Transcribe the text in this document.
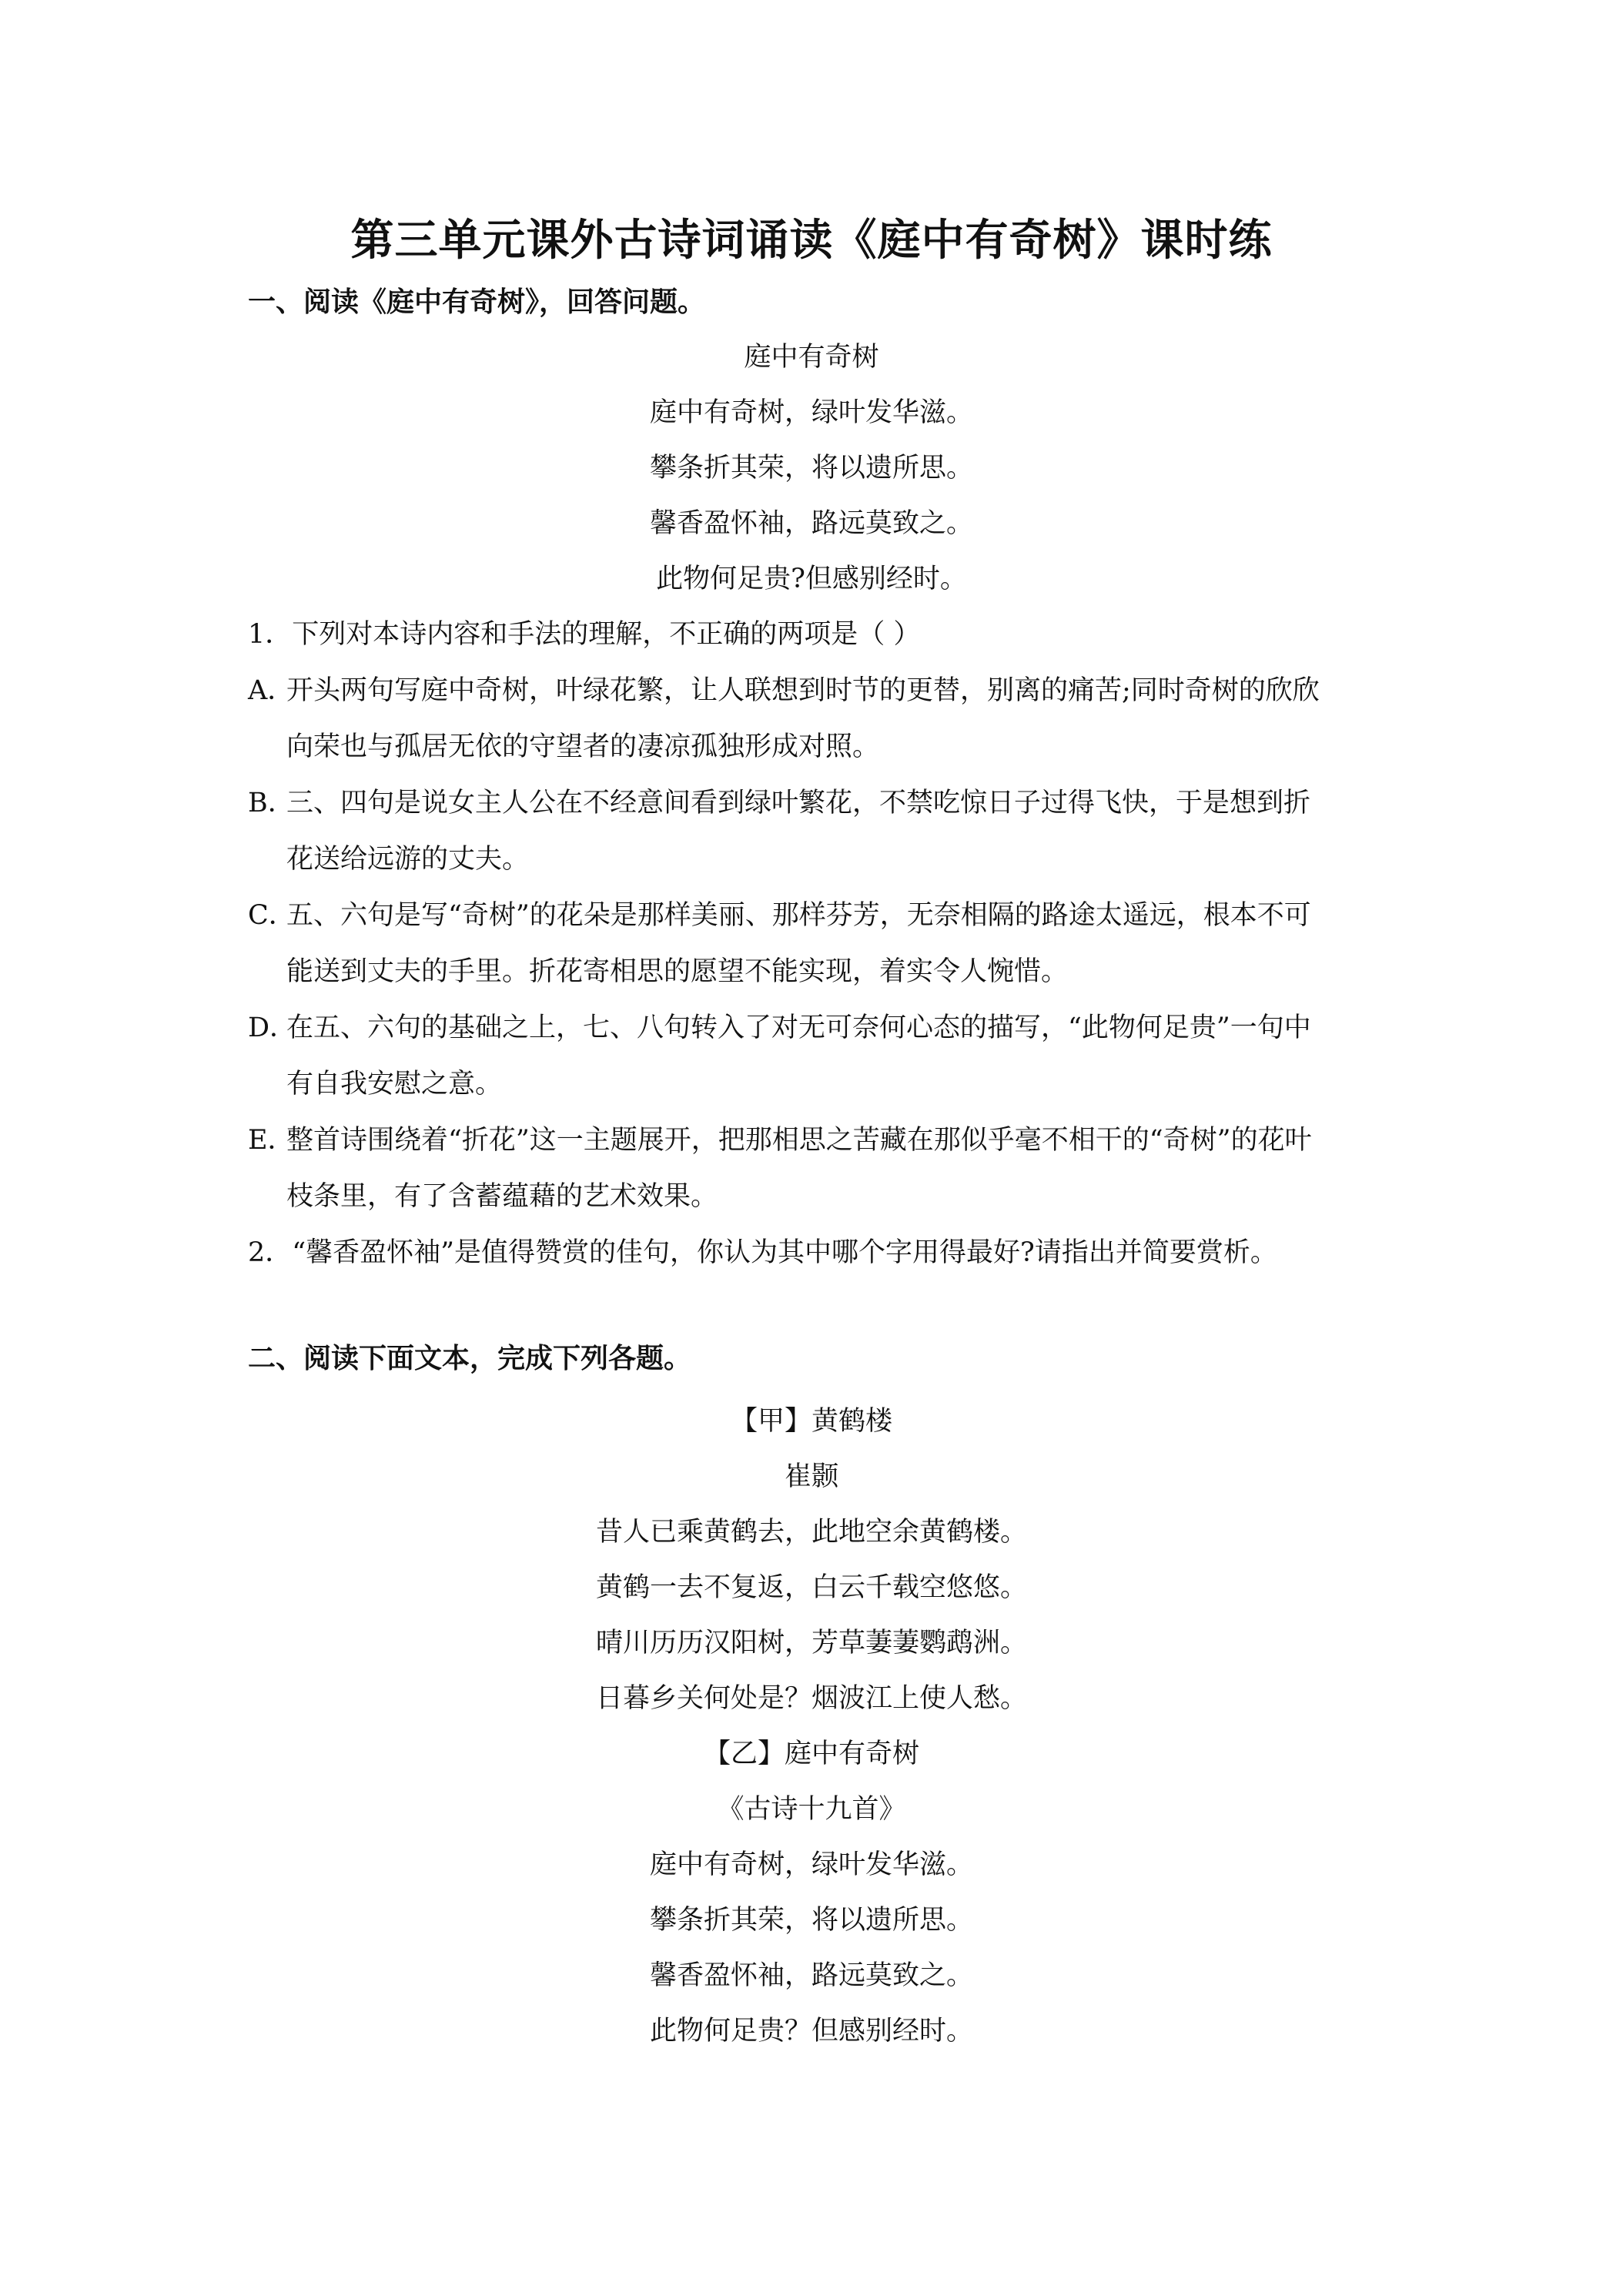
第三单元课外古诗词诵读《庭中有奇树》课时练
一、阅读《庭中有奇树》，回答问题。
庭中有奇树
庭中有奇树，绿叶发华滋。
攀条折其荣，将以遗所思。
馨香盈怀袖，路远莫致之。
此物何足贵?但感别经时。
1．下列对本诗内容和手法的理解，不正确的两项是（ ）
A．开头两句写庭中奇树，叶绿花繁，让人联想到时节的更替，别离的痛苦;同时奇树的欣欣
向荣也与孤居无依的守望者的凄凉孤独形成对照。
B．三、四句是说女主人公在不经意间看到绿叶繁花，不禁吃惊日子过得飞快，于是想到折
花送给远游的丈夫。
C．五、六句是写“奇树”的花朵是那样美丽、那样芬芳，无奈相隔的路途太遥远，根本不可
能送到丈夫的手里。折花寄相思的愿望不能实现，着实令人惋惜。
D．在五、六句的基础之上，七、八句转入了对无可奈何心态的描写，“此物何足贵”一句中
有自我安慰之意。
E．整首诗围绕着“折花”这一主题展开，把那相思之苦藏在那似乎毫不相干的“奇树”的花叶
枝条里，有了含蓄蕴藉的艺术效果。
2．“馨香盈怀袖”是值得赞赏的佳句，你认为其中哪个字用得最好?请指出并简要赏析。
二、阅读下面文本，完成下列各题。
【甲】黄鹤楼
崔颢
昔人已乘黄鹤去，此地空余黄鹤楼。
黄鹤一去不复返，白云千载空悠悠。
晴川历历汉阳树，芳草萋萋鹦鹉洲。
日暮乡关何处是？烟波江上使人愁。
【乙】庭中有奇树
《古诗十九首》
庭中有奇树，绿叶发华滋。
攀条折其荣，将以遗所思。
馨香盈怀袖，路远莫致之。
此物何足贵？但感别经时。
